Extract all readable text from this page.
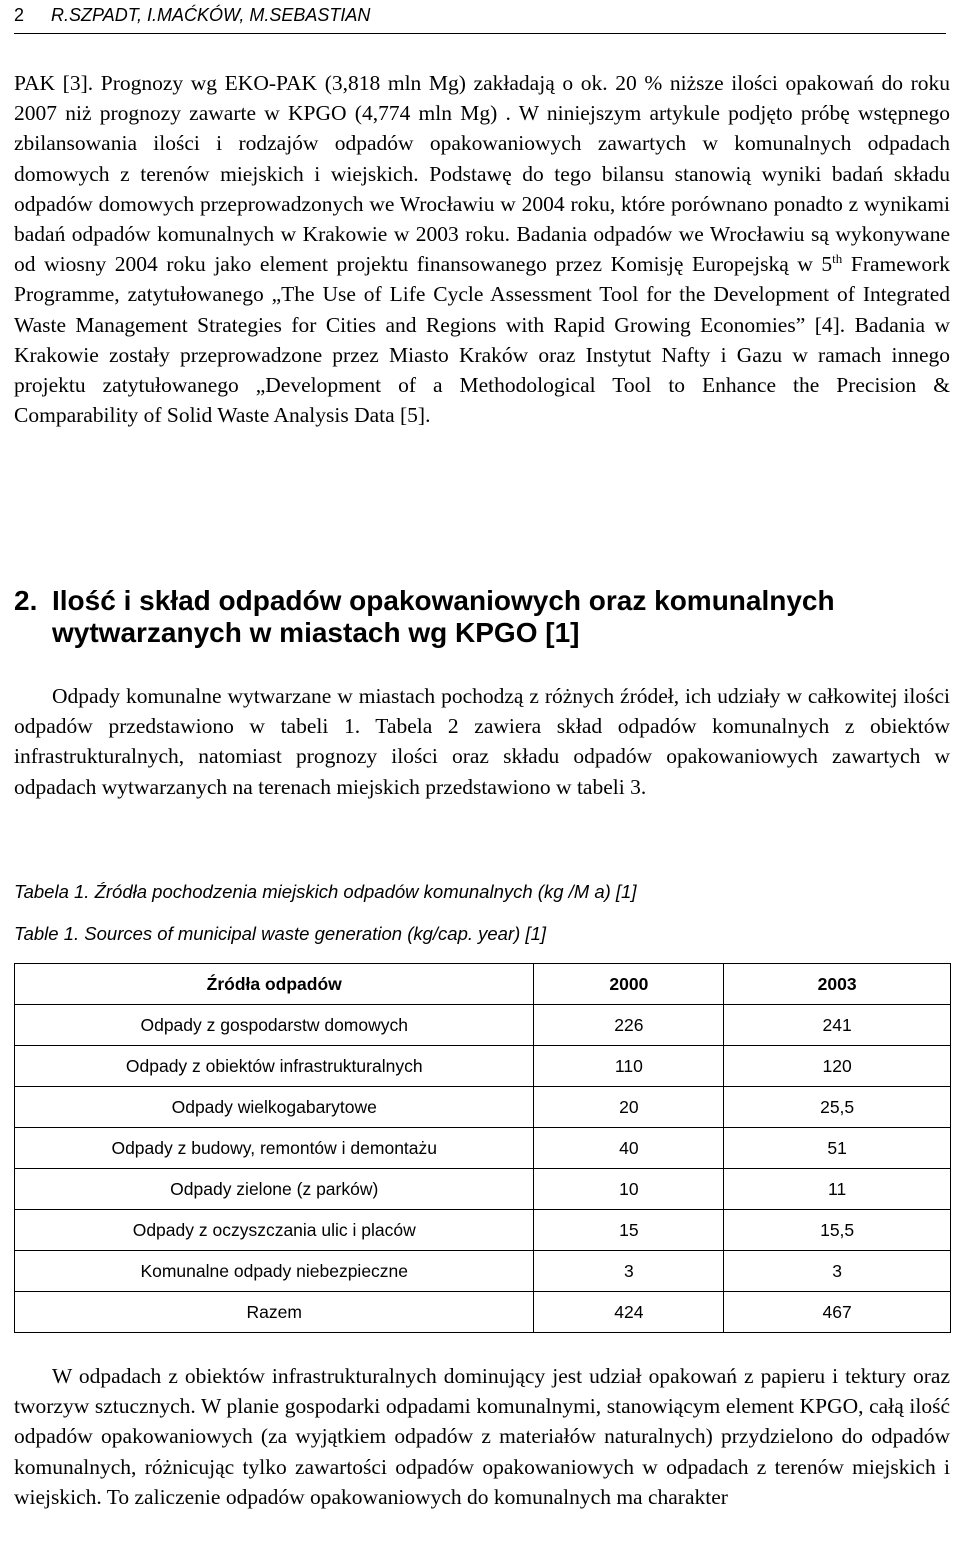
2 R.SZPADT, I.MAĆKÓW, M.SEBASTIAN

PAK [3]. Prognozy wg EKO-PAK (3,818 mln Mg) zakładają o ok. 20 % niższe ilości opakowań do roku 2007 niż prognozy zawarte w KPGO (4,774 mln Mg) . W niniejszym artykule podjęto próbę wstępnego zbilansowania ilości i rodzajów odpadów opakowaniowych zawartych w komunalnych odpadach domowych z terenów miejskich i wiejskich. Podstawę do tego bilansu stanowią wyniki badań składu odpadów domowych przeprowadzonych we Wrocławiu w 2004 roku, które porównano ponadto z wynikami badań odpadów komunalnych w Krakowie w 2003 roku. Badania odpadów we Wrocławiu są wykonywane od wiosny 2004 roku jako element projektu finansowanego przez Komisję Europejską w 5th Framework Programme, zatytułowanego „The Use of Life Cycle Assessment Tool for the Development of Integrated Waste Management Strategies for Cities and Regions with Rapid Growing Economies” [4]. Badania w Krakowie zostały przeprowadzone przez Miasto Kraków oraz Instytut Nafty i Gazu w ramach innego projektu zatytułowanego „Development of a Methodological Tool to Enhance the Precision & Comparability of Solid Waste Analysis Data [5].

2. Ilość i skład odpadów opakowaniowych oraz komunalnych
wytwarzanych w miastach wg KPGO [1]

Odpady komunalne wytwarzane w miastach pochodzą z różnych źródeł, ich udziały w całkowitej ilości odpadów przedstawiono w tabeli 1. Tabela 2 zawiera skład odpadów komunalnych z obiektów infrastrukturalnych, natomiast prognozy ilości oraz składu odpadów opakowaniowych zawartych w odpadach wytwarzanych na terenach miejskich przedstawiono w tabeli 3.

Tabela 1. Źródła pochodzenia miejskich odpadów komunalnych (kg /M a) [1]

Table 1. Sources of municipal waste generation (kg/cap. year) [1]

Źródła odpadów	2000	2003
Odpady z gospodarstw domowych	226	241
Odpady z obiektów infrastrukturalnych	110	120
Odpady wielkogabarytowe	20	25,5
Odpady z budowy, remontów i demontażu	40	51
Odpady zielone (z parków)	10	11
Odpady z oczyszczania ulic i placów	15	15,5
Komunalne odpady niebezpieczne	3	3
Razem	424	467

W odpadach z obiektów infrastrukturalnych dominujący jest udział opakowań z papieru i tektury oraz tworzyw sztucznych. W planie gospodarki odpadami komunalnymi, stanowiącym element KPGO, całą ilość odpadów opakowaniowych (za wyjątkiem odpadów z materiałów naturalnych) przydzielono do odpadów komunalnych, różnicując tylko zawartości odpadów opakowaniowych w odpadach z terenów miejskich i wiejskich. To zaliczenie odpadów opakowaniowych do komunalnych ma charakter
